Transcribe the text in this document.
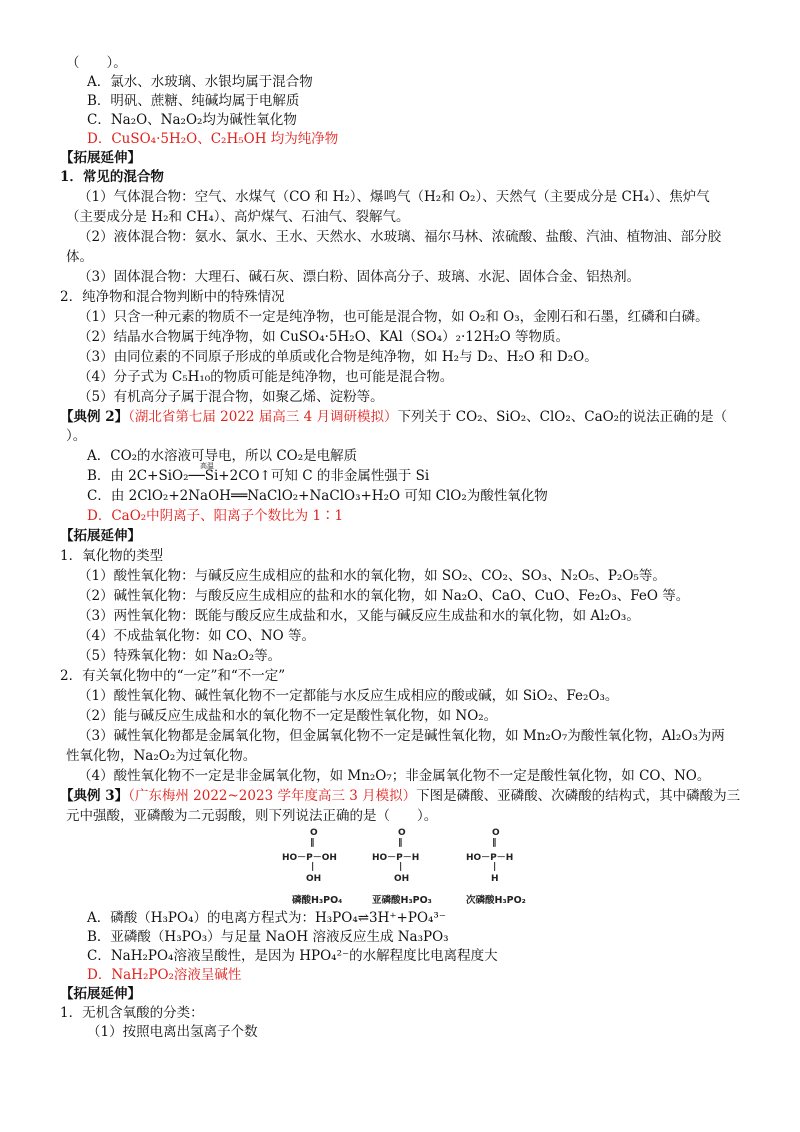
（　　）。
A．氯水、水玻璃、水银均属于混合物
B．明矾、蔗糖、纯碱均属于电解质
C．Na₂O、Na₂O₂均为碱性氧化物
D．CuSO₄·5H₂O、C₂H₅OH 均为纯净物
【拓展延伸】
1．常见的混合物
（1）气体混合物：空气、水煤气（CO 和 H₂）、爆鸣气（H₂和 O₂）、天然气（主要成分是 CH₄）、焦炉气
（主要成分是 H₂和 CH₄）、高炉煤气、石油气、裂解气。
（2）液体混合物：氨水、氯水、王水、天然水、水玻璃、福尔马林、浓硫酸、盐酸、汽油、植物油、部分胶
体。
（3）固体混合物：大理石、碱石灰、漂白粉、固体高分子、玻璃、水泥、固体合金、铝热剂。
2．纯净物和混合物判断中的特殊情况
（1）只含一种元素的物质不一定是纯净物，也可能是混合物，如 O₂和 O₃，金刚石和石墨，红磷和白磷。
（2）结晶水合物属于纯净物，如 CuSO₄·5H₂O、KAl（SO₄）₂·12H₂O 等物质。
（3）由同位素的不同原子形成的单质或化合物是纯净物，如 H₂与 D₂、H₂O 和 D₂O。
（4）分子式为 C₅H₁₀的物质可能是纯净物，也可能是混合物。
（5）有机高分子属于混合物，如聚乙烯、淀粉等。
【典例 2】（湖北省第七届 2022 届高三 4 月调研模拟）下列关于 CO₂、SiO₂、ClO₂、CaO₂的说法正确的是（
）。
A．CO₂的水溶液可导电，所以 CO₂是电解质
B．由 2C+SiO₂──Si+2CO↑可知 C 的非金属性强于 Si
高温
C．由 2ClO₂+2NaOH══NaClO₂+NaClO₃+H₂O 可知 ClO₂为酸性氧化物
D．CaO₂中阴离子、阳离子个数比为 1∶1
【拓展延伸】
1．氧化物的类型
（1）酸性氧化物：与碱反应生成相应的盐和水的氧化物，如 SO₂、CO₂、SO₃、N₂O₅、P₂O₅等。
（2）碱性氧化物：与酸反应生成相应的盐和水的氧化物，如 Na₂O、CaO、CuO、Fe₂O₃、FeO 等。
（3）两性氧化物：既能与酸反应生成盐和水，又能与碱反应生成盐和水的氧化物，如 Al₂O₃。
（4）不成盐氧化物：如 CO、NO 等。
（5）特殊氧化物：如 Na₂O₂等。
2．有关氧化物中的“一定”和“不一定”
（1）酸性氧化物、碱性氧化物不一定都能与水反应生成相应的酸或碱，如 SiO₂、Fe₂O₃。
（2）能与碱反应生成盐和水的氧化物不一定是酸性氧化物，如 NO₂。
（3）碱性氧化物都是金属氧化物，但金属氧化物不一定是碱性氧化物，如 Mn₂O₇为酸性氧化物，Al₂O₃为两
性氧化物，Na₂O₂为过氧化物。
（4）酸性氧化物不一定是非金属氧化物，如 Mn₂O₇；非金属氧化物不一定是酸性氧化物，如 CO、NO。
【典例 3】（广东梅州 2022~2023 学年度高三 3 月模拟）下图是磷酸、亚磷酸、次磷酸的结构式，其中磷酸为三
元中强酸，亚磷酸为二元弱酸，则下列说法正确的是（　　）。
O
‖
HO－P－OH
|
OH
磷酸H₃PO₄
O
‖
HO－P－H
|
OH
亚磷酸H₃PO₃
O
‖
HO－P－H
|
H
次磷酸H₃PO₂
A．磷酸（H₃PO₄）的电离方程式为：H₃PO₄⇌3H⁺+PO₄³⁻
B．亚磷酸（H₃PO₃）与足量 NaOH 溶液反应生成 Na₃PO₃
C．NaH₂PO₄溶液呈酸性，是因为 HPO₄²⁻的水解程度比电离程度大
D．NaH₂PO₂溶液呈碱性
【拓展延伸】
1．无机含氧酸的分类：
（1）按照电离出氢离子个数
